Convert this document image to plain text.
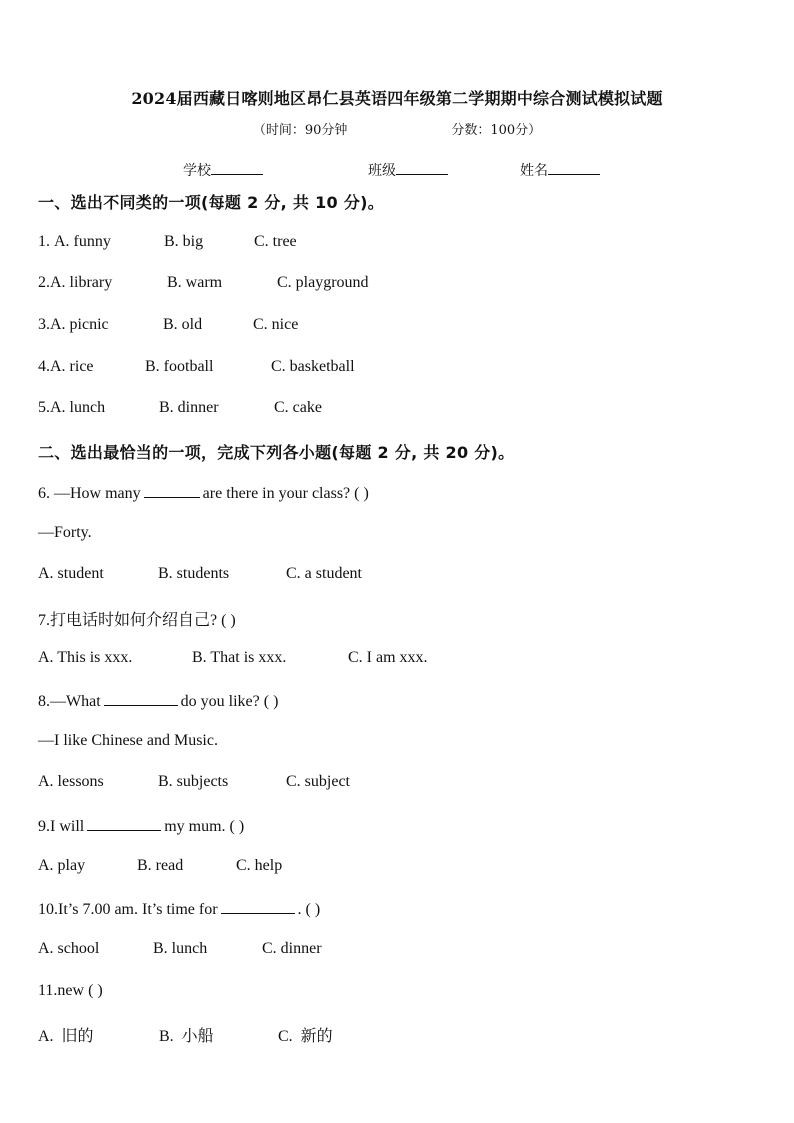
2024届西藏日喀则地区昂仁县英语四年级第二学期期中综合测试模拟试题
（时间：90分钟	分数：100分）
学校	班级	姓名
一、选出不同类的一项(每题 2 分, 共 10 分)。
1. A. funny	B. big	C. tree
2.A. library	B. warm	C. playground
3.A. picnic	B. old	C. nice
4.A. rice	B. football	C. basketball
5.A. lunch	B. dinner	C. cake
二、选出最恰当的一项，完成下列各小题(每题 2 分, 共 20 分)。
6. —How many	are there in your class? ( )
—Forty.
A. student	B. students	C. a student
7.打电话时如何介绍自己? ( )
A. This is xxx.	B. That is xxx.	C. I am xxx.
8.—What	do you like? ( )
—I like Chinese and Music.
A. lessons	B. subjects	C. subject
9.I will	my mum. ( )
A. play	B. read	C. help
10.It’s 7.00 am. It’s time for	. ( )
A. school	B. lunch	C. dinner
11.new ( )
A.  旧的	B.  小船	C.  新的
